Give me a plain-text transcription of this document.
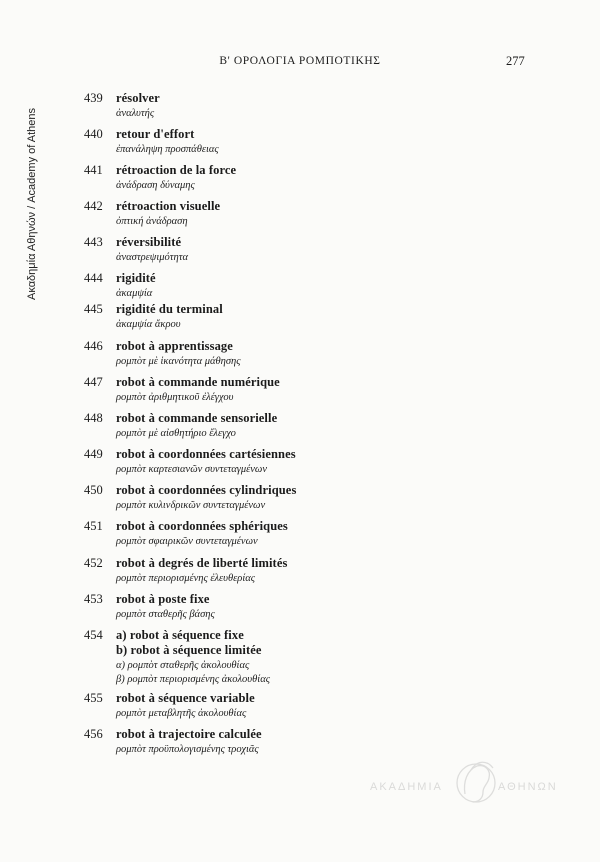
Ακαδημία Αθηνών / Academy of Athens
Β' ΟΡΟΛΟΓΙΑ ΡΟΜΠΟΤΙΚΗΣ	277
439 résolver
ἀναλυτής
440 retour d'effort
ἐπανάληψη προσπάθειας
441 rétroaction de la force
ἀνάδραση δύναμης
442 rétroaction visuelle
ὀπτική ἀνάδραση
443 réversibilité
ἀναστρεψιμότητα
444 rigidité
ἀκαμψία
445 rigidité du terminal
ἀκαμψία ἄκρου
446 robot à apprentissage
ρομπὸτ μὲ ἱκανότητα μάθησης
447 robot à commande numérique
ρομπὸτ ἀριθμητικοῦ ἐλέγχου
448 robot à commande sensorielle
ρομπὸτ μὲ αἰσθητήριο ἔλεγχο
449 robot à coordonnées cartésiennes
ρομπὸτ καρτεσιανῶν συντεταγμένων
450 robot à coordonnées cylindriques
ρομπὸτ κυλινδρικῶν συντεταγμένων
451 robot à coordonnées sphériques
ρομπὸτ σφαιρικῶν συντεταγμένων
452 robot à degrés de liberté limités
ρομπὸτ περιορισμένης ἐλευθερίας
453 robot à poste fixe
ρομπὸτ σταθερῆς βάσης
454 a) robot à séquence fixe
b) robot à séquence limitée
α) ρομπὸτ σταθερῆς ἀκολουθίας
β) ρομπὸτ περιορισμένης ἀκολουθίας
455 robot à séquence variable
ρομπὸτ μεταβλητῆς ἀκολουθίας
456 robot à trajectoire calculée
ρομπὸτ προϋπολογισμένης τροχιᾶς
ΑΚΑΔΗΜΙΑ	ΑΘΗΝΩΝ
